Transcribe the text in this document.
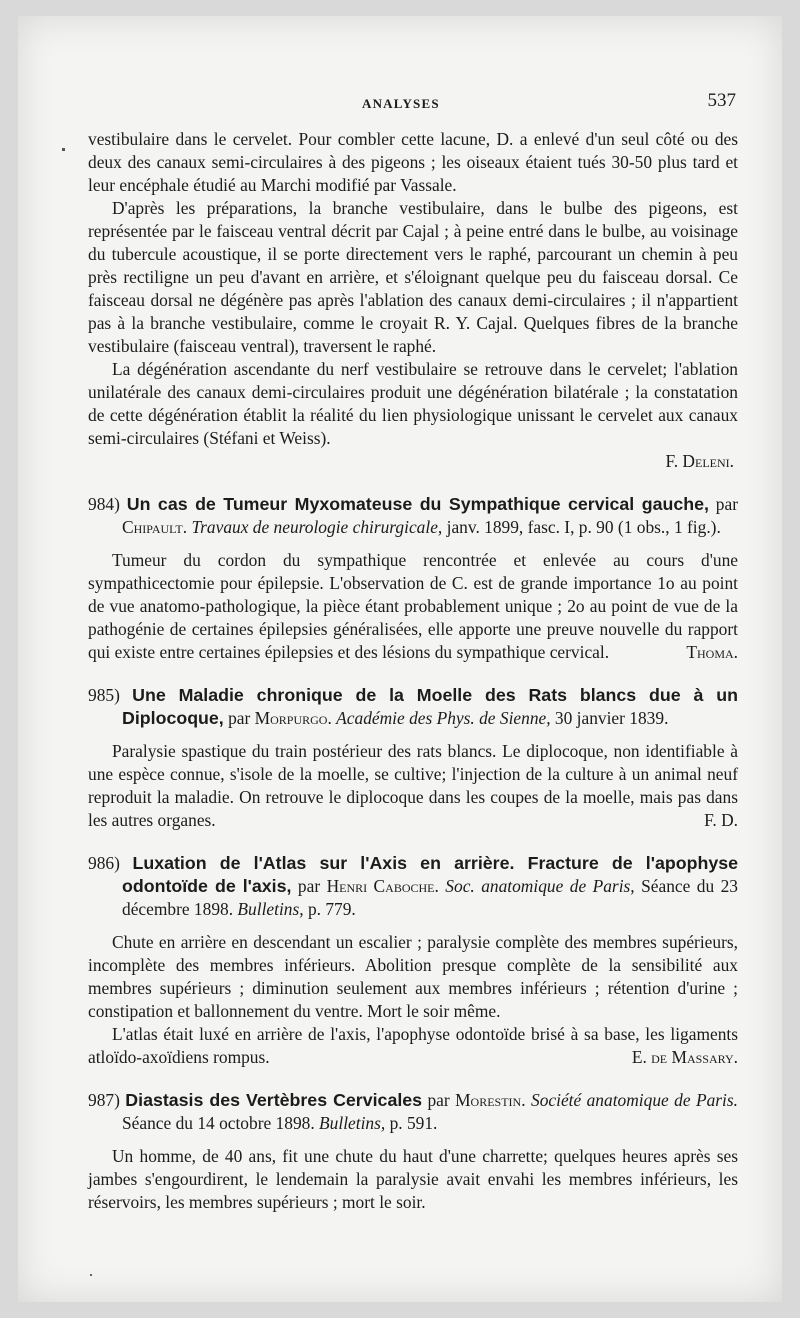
ANALYSES	537

vestibulaire dans le cervelet. Pour combler cette lacune, D. a enlevé d'un seul côté ou des deux des canaux semi-circulaires à des pigeons ; les oiseaux étaient tués 30-50 plus tard et leur encéphale étudié au Marchi modifié par Vassale.

D'après les préparations, la branche vestibulaire, dans le bulbe des pigeons, est représentée par le faisceau ventral décrit par Cajal ; à peine entré dans le bulbe, au voisinage du tubercule acoustique, il se porte directement vers le raphé, parcourant un chemin à peu près rectiligne un peu d'avant en arrière, et s'éloignant quelque peu du faisceau dorsal. Ce faisceau dorsal ne dégénère pas après l'ablation des canaux demi-circulaires ; il n'appartient pas à la branche vestibulaire, comme le croyait R. Y. Cajal. Quelques fibres de la branche vestibulaire (faisceau ventral), traversent le raphé.

La dégénération ascendante du nerf vestibulaire se retrouve dans le cervelet; l'ablation unilatérale des canaux demi-circulaires produit une dégénération bilatérale ; la constatation de cette dégénération établit la réalité du lien physiologique unissant le cervelet aux canaux semi-circulaires (Stéfani et Weiss).

F. Deleni.

984) Un cas de Tumeur Myxomateuse du Sympathique cervical gauche, par Chipault. Travaux de neurologie chirurgicale, janv. 1899, fasc. I, p. 90 (1 obs., 1 fig.).

Tumeur du cordon du sympathique rencontrée et enlevée au cours d'une sympathicectomie pour épilepsie. L'observation de C. est de grande importance 1o au point de vue anatomo-pathologique, la pièce étant probablement unique ; 2o au point de vue de la pathogénie de certaines épilepsies généralisées, elle apporte une preuve nouvelle du rapport qui existe entre certaines épilepsies et des lésions du sympathique cervical.	Thoma.

985) Une Maladie chronique de la Moelle des Rats blancs due à un Diplocoque, par Morpurgo. Académie des Phys. de Sienne, 30 janvier 1839.

Paralysie spastique du train postérieur des rats blancs. Le diplocoque, non identifiable à une espèce connue, s'isole de la moelle, se cultive; l'injection de la culture à un animal neuf reproduit la maladie. On retrouve le diplocoque dans les coupes de la moelle, mais pas dans les autres organes.	F. D.

986) Luxation de l'Atlas sur l'Axis en arrière. Fracture de l'apophyse odontoïde de l'axis, par Henri Caboche. Soc. anatomique de Paris, Séance du 23 décembre 1898. Bulletins, p. 779.

Chute en arrière en descendant un escalier ; paralysie complète des membres supérieurs, incomplète des membres inférieurs. Abolition presque complète de la sensibilité aux membres supérieurs ; diminution seulement aux membres inférieurs ; rétention d'urine ; constipation et ballonnement du ventre. Mort le soir même.

L'atlas était luxé en arrière de l'axis, l'apophyse odontoïde brisé à sa base, les ligaments atloïdo-axoïdiens rompus.	E. de Massary.

987) Diastasis des Vertèbres Cervicales par Morestin. Société anatomique de Paris. Séance du 14 octobre 1898. Bulletins, p. 591.

Un homme, de 40 ans, fit une chute du haut d'une charrette; quelques heures après ses jambes s'engourdirent, le lendemain la paralysie avait envahi les membres inférieurs, les réservoirs, les membres supérieurs ; mort le soir.
